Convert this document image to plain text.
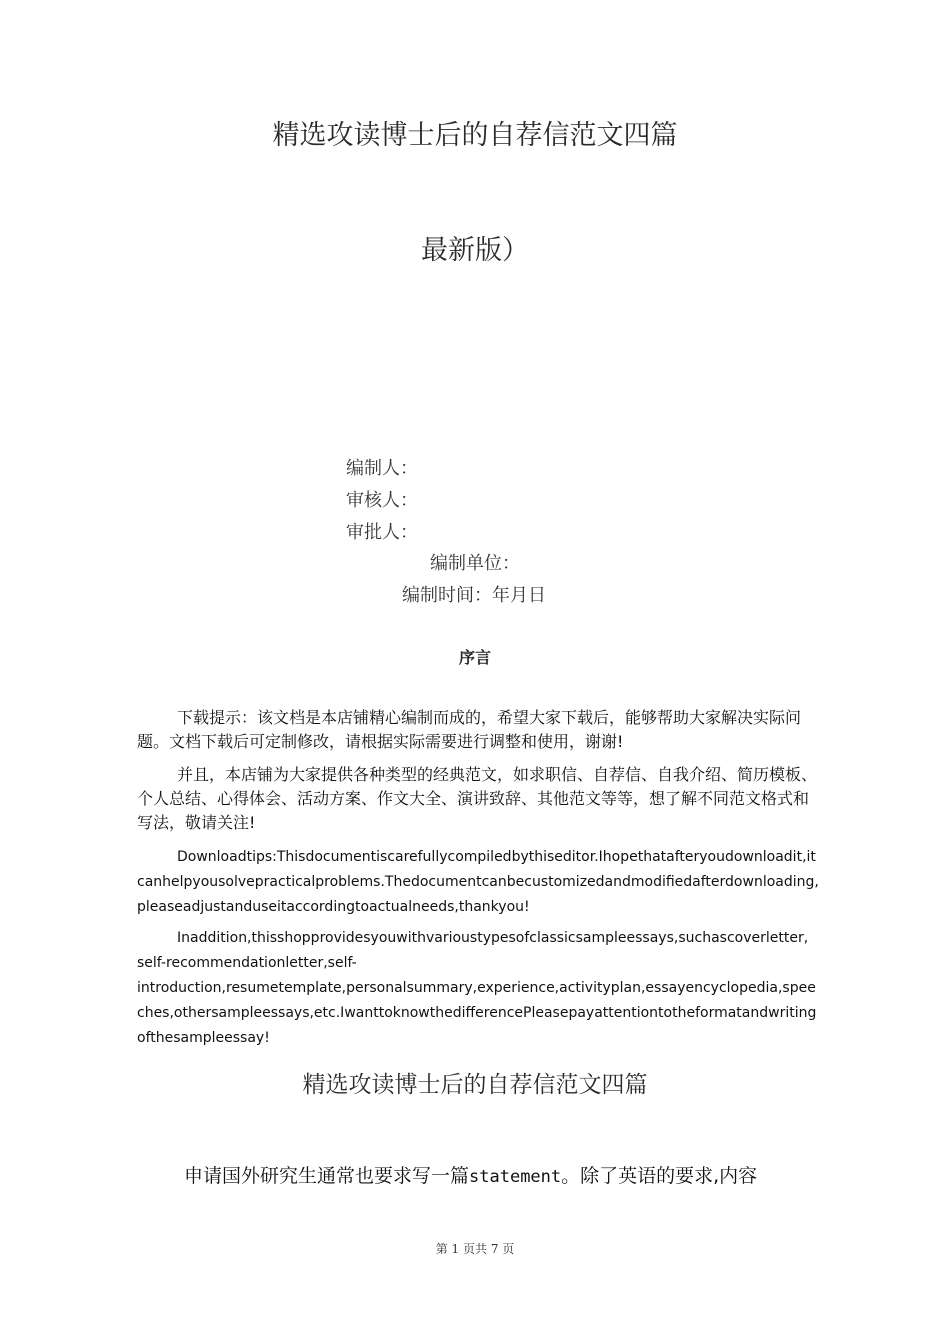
精选攻读博士后的自荐信范文四篇
最新版）
编制人：
审核人：
审批人：
编制单位：
编制时间：年月日
序言

下载提示：该文档是本店铺精心编制而成的，希望大家下载后，能够帮助大家解决实际问题。文档下载后可定制修改，请根据实际需要进行调整和使用，谢谢!

并且，本店铺为大家提供各种类型的经典范文，如求职信、自荐信、自我介绍、简历模板、个人总结、心得体会、活动方案、作文大全、演讲致辞、其他范文等等，想了解不同范文格式和写法，敬请关注!

Downloadtips:Thisdocumentiscarefullycompiledbythiseditor.Ihopethatafteryoudownloadit,itcanhelpyousolvepracticalproblems.Thedocumentcanbecustomizedandmodifiedafterdownloading,pleaseadjustanduseitaccordingtoactualneeds,thankyou!

Inaddition,thisshopprovidesyouwithvarioustypesofclassicsampleessays,suchascoverletter,
self-recommendationletter,self-

introduction,resumetemplate,personalsummary,experience,activityplan,essayencyclopedia,speeches,othersampleessays,etc.IwanttoknowthedifferencePleasepayattentiontotheformatandwritingofthesampleessay!

精选攻读博士后的自荐信范文四篇
申请国外研究生通常也要求写一篇statement。除了英语的要求,内容
第 1 页共 7 页
